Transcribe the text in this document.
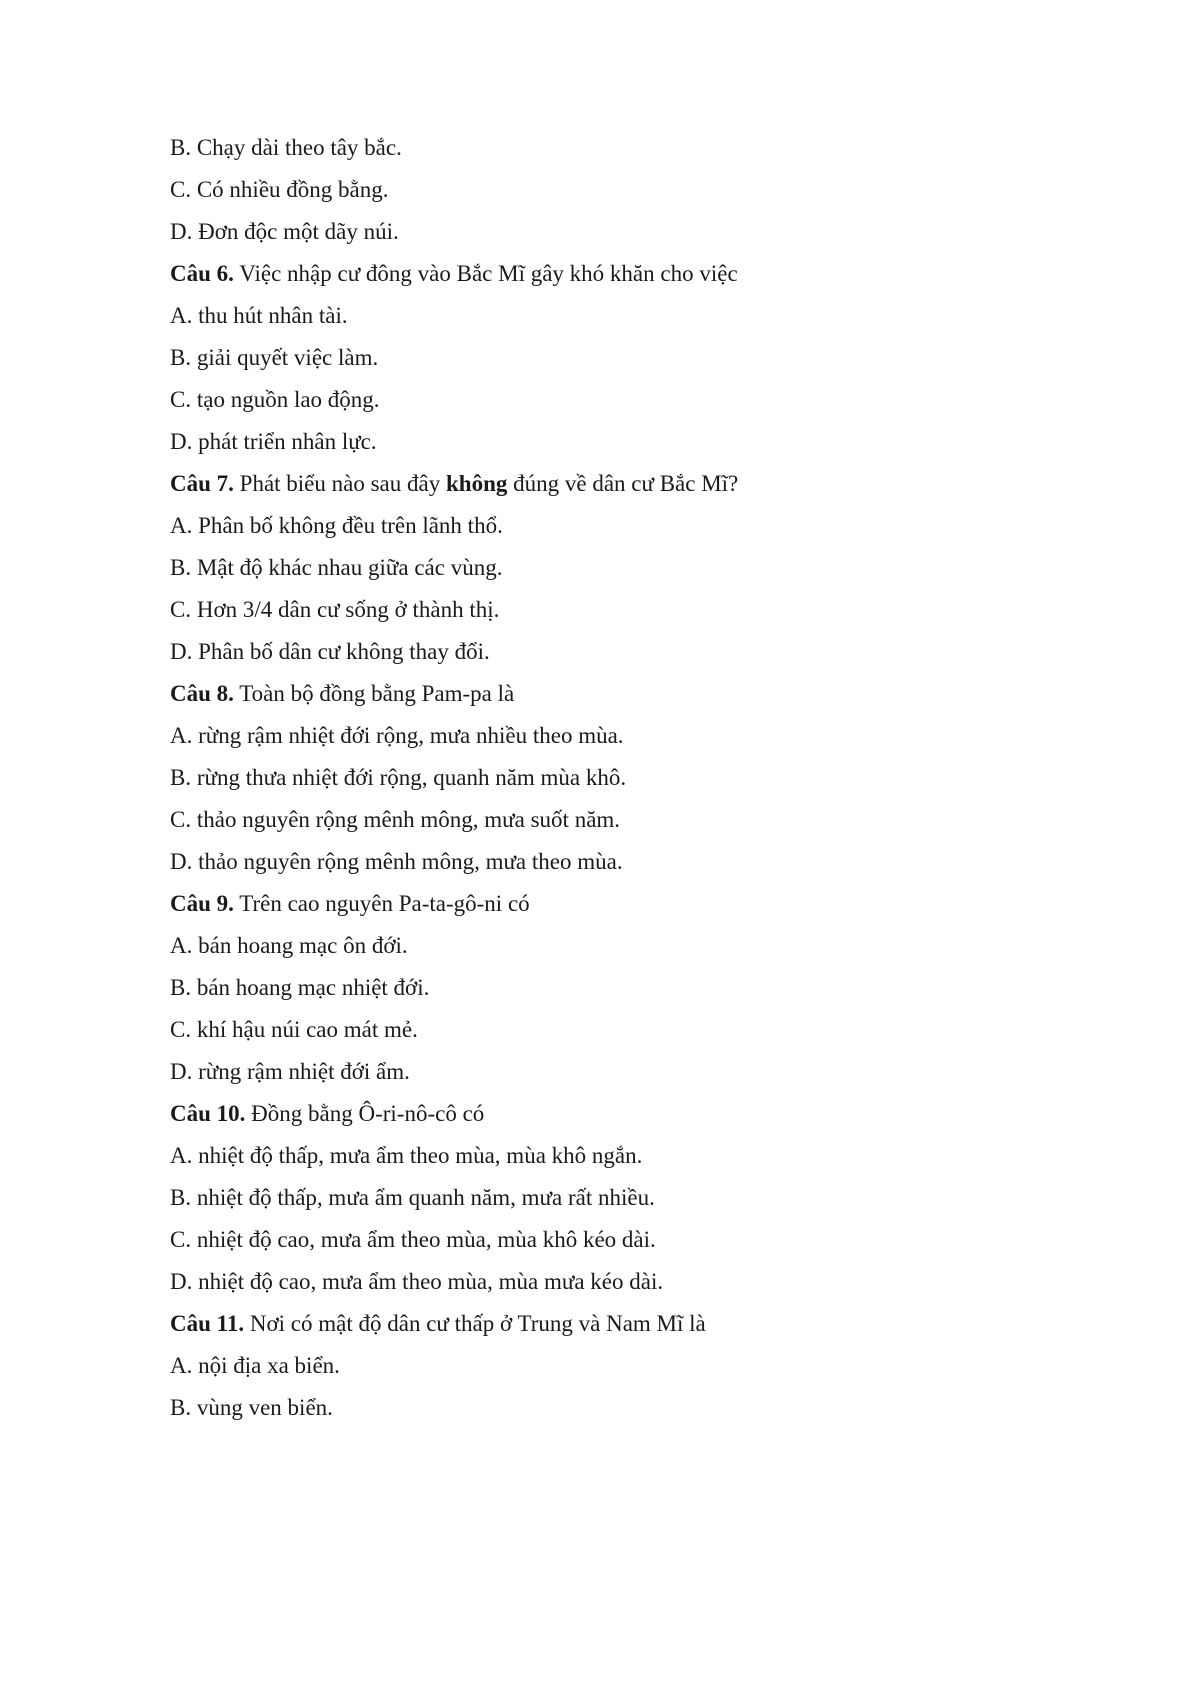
B. Chạy dài theo tây bắc.
C. Có nhiều đồng bằng.
D. Đơn độc một dãy núi.
Câu 6. Việc nhập cư đông vào Bắc Mĩ gây khó khăn cho việc
A. thu hút nhân tài.
B. giải quyết việc làm.
C. tạo nguồn lao động.
D. phát triển nhân lực.
Câu 7. Phát biểu nào sau đây không đúng về dân cư Bắc Mĩ?
A. Phân bố không đều trên lãnh thổ.
B. Mật độ khác nhau giữa các vùng.
C. Hơn 3/4 dân cư sống ở thành thị.
D. Phân bố dân cư không thay đổi.
Câu 8. Toàn bộ đồng bằng Pam-pa là
A. rừng rậm nhiệt đới rộng, mưa nhiều theo mùa.
B. rừng thưa nhiệt đới rộng, quanh năm mùa khô.
C. thảo nguyên rộng mênh mông, mưa suốt năm.
D. thảo nguyên rộng mênh mông, mưa theo mùa.
Câu 9. Trên cao nguyên Pa-ta-gô-ni có
A. bán hoang mạc ôn đới.
B. bán hoang mạc nhiệt đới.
C. khí hậu núi cao mát mẻ.
D. rừng rậm nhiệt đới ẩm.
Câu 10. Đồng bằng Ô-ri-nô-cô có
A. nhiệt độ thấp, mưa ẩm theo mùa, mùa khô ngắn.
B. nhiệt độ thấp, mưa ẩm quanh năm, mưa rất nhiều.
C. nhiệt độ cao, mưa ẩm theo mùa, mùa khô kéo dài.
D. nhiệt độ cao, mưa ẩm theo mùa, mùa mưa kéo dài.
Câu 11. Nơi có mật độ dân cư thấp ở Trung và Nam Mĩ là
A. nội địa xa biển.
B. vùng ven biển.
